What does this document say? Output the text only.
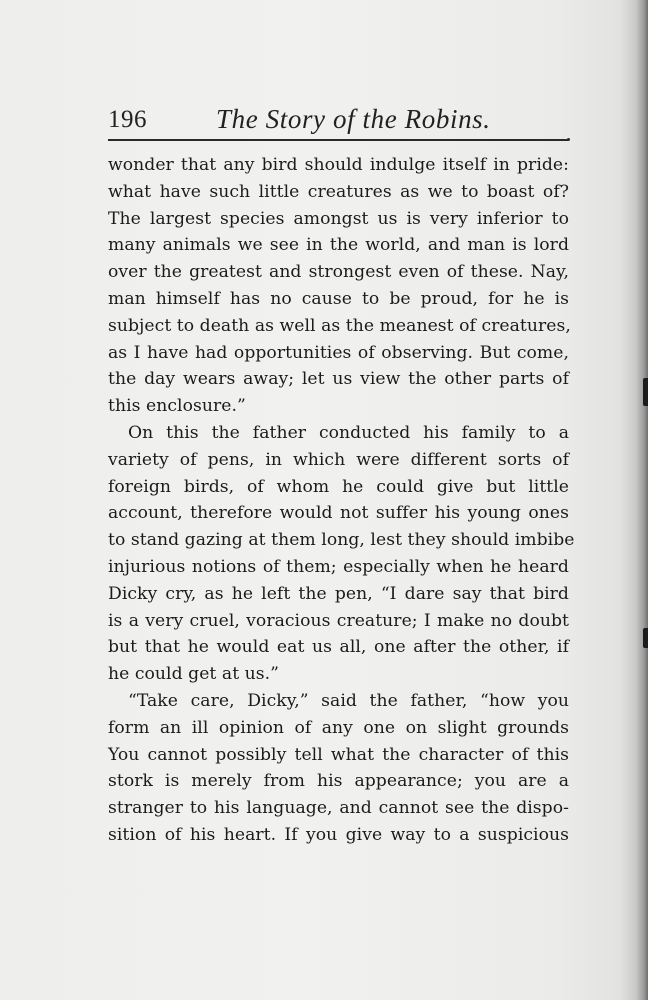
196	The Story of the Robins.
wonder that any bird should indulge itself in pride:
what have such little creatures as we to boast of?
The largest species amongst us is very inferior to
many animals we see in the world, and man is lord
over the greatest and strongest even of these. Nay,
man himself has no cause to be proud, for he is
subject to death as well as the meanest of creatures,
as I have had opportunities of observing. But come,
the day wears away; let us view the other parts of
this enclosure.”
On this the father conducted his family to a
variety of pens, in which were different sorts of
foreign birds, of whom he could give but little
account, therefore would not suffer his young ones
to stand gazing at them long, lest they should imbibe
injurious notions of them; especially when he heard
Dicky cry, as he left the pen, “I dare say that bird
is a very cruel, voracious creature; I make no doubt
but that he would eat us all, one after the other, if
he could get at us.”
“Take care, Dicky,” said the father, “how you
form an ill opinion of any one on slight grounds
You cannot possibly tell what the character of this
stork is merely from his appearance; you are a
stranger to his language, and cannot see the dispo-
sition of his heart. If you give way to a suspicious
